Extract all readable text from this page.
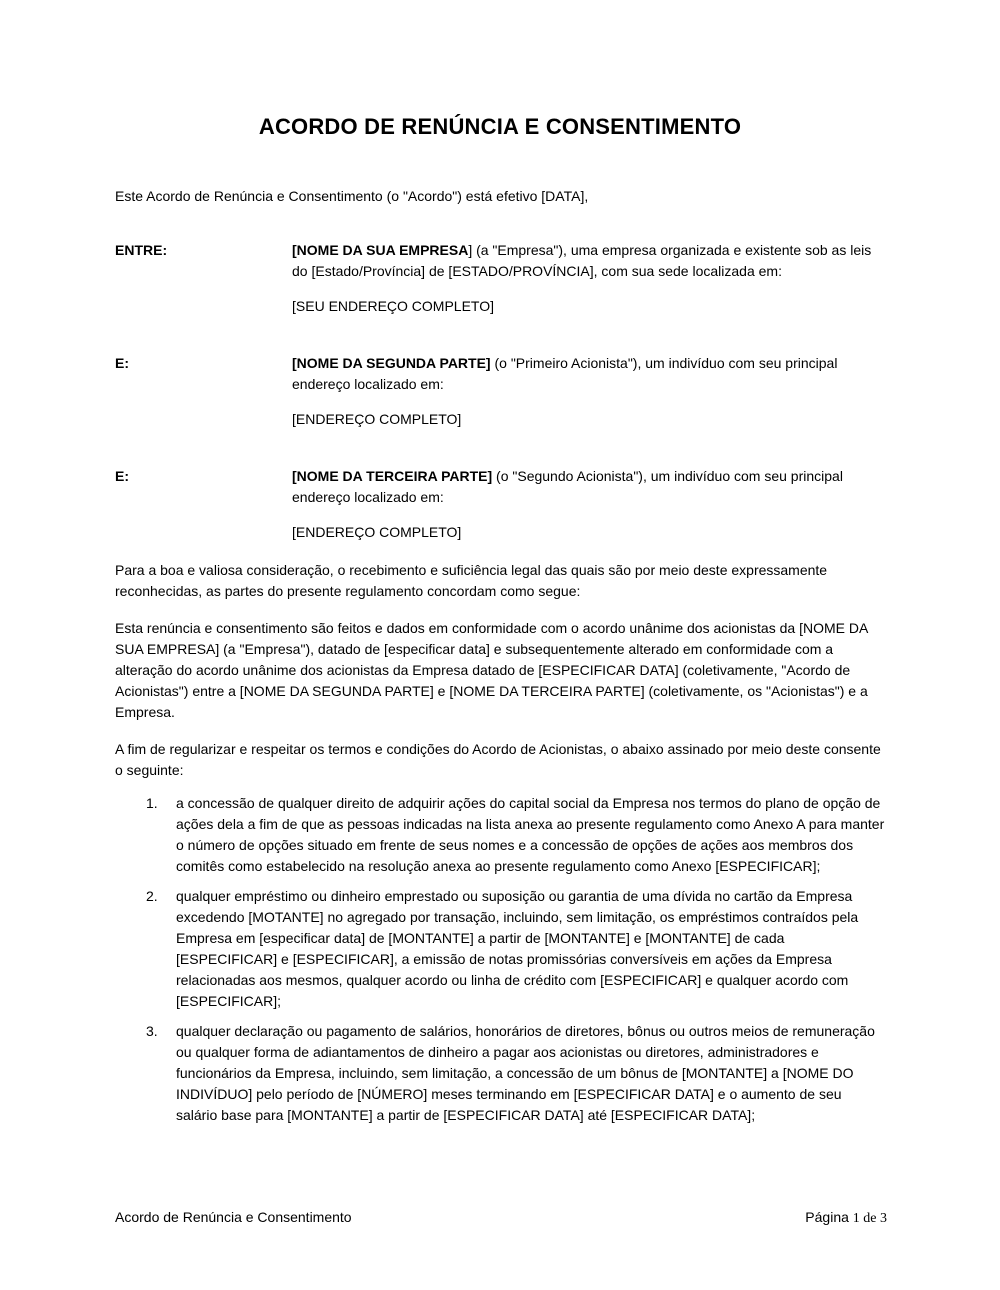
ACORDO DE RENÚNCIA E CONSENTIMENTO

Este Acordo de Renúncia e Consentimento (o "Acordo") está efetivo [DATA],

ENTRE:	[NOME DA SUA EMPRESA] (a "Empresa"), uma empresa organizada e existente sob as leis do [Estado/Província] de [ESTADO/PROVÍNCIA], com sua sede localizada em:
[SEU ENDEREÇO COMPLETO]
E:	[NOME DA SEGUNDA PARTE] (o "Primeiro Acionista"), um indivíduo com seu principal endereço localizado em:
[ENDEREÇO COMPLETO]
E:	[NOME DA TERCEIRA PARTE] (o "Segundo Acionista"), um indivíduo com seu principal endereço localizado em:
[ENDEREÇO COMPLETO]

Para a boa e valiosa consideração, o recebimento e suficiência legal das quais são por meio deste expressamente reconhecidas, as partes do presente regulamento concordam como segue:

Esta renúncia e consentimento são feitos e dados em conformidade com o acordo unânime dos acionistas da [NOME DA SUA EMPRESA] (a "Empresa"), datado de [especificar data] e subsequentemente alterado em conformidade com a alteração do acordo unânime dos acionistas da Empresa datado de [ESPECIFICAR DATA] (coletivamente, "Acordo de Acionistas") entre a [NOME DA SEGUNDA PARTE] e [NOME DA TERCEIRA PARTE] (coletivamente, os "Acionistas") e a Empresa.

A fim de regularizar e respeitar os termos e condições do Acordo de Acionistas, o abaixo assinado por meio deste consente o seguinte:

1.	a concessão de qualquer direito de adquirir ações do capital social da Empresa nos termos do plano de opção de ações dela a fim de que as pessoas indicadas na lista anexa ao presente regulamento como Anexo A para manter o número de opções situado em frente de seus nomes e a concessão de opções de ações aos membros dos comitês como estabelecido na resolução anexa ao presente regulamento como Anexo [ESPECIFICAR];
2.	qualquer empréstimo ou dinheiro emprestado ou suposição ou garantia de uma dívida no cartão da Empresa excedendo [MOTANTE] no agregado por transação, incluindo, sem limitação, os empréstimos contraídos pela Empresa em [especificar data] de [MONTANTE] a partir de [MONTANTE] e [MONTANTE] de cada [ESPECIFICAR] e [ESPECIFICAR], a emissão de notas promissórias conversíveis em ações da Empresa relacionadas aos mesmos, qualquer acordo ou linha de crédito com [ESPECIFICAR] e qualquer acordo com [ESPECIFICAR];
3.	qualquer declaração ou pagamento de salários, honorários de diretores, bônus ou outros meios de remuneração ou qualquer forma de adiantamentos de dinheiro a pagar aos acionistas ou diretores, administradores e funcionários da Empresa, incluindo, sem limitação, a concessão de um bônus de [MONTANTE] a [NOME DO INDIVÍDUO] pelo período de [NÚMERO] meses terminando em [ESPECIFICAR DATA] e o aumento de seu salário base para [MONTANTE] a partir de [ESPECIFICAR DATA] até [ESPECIFICAR DATA];
Acordo de Renúncia e Consentimento	Página 1 de 3
